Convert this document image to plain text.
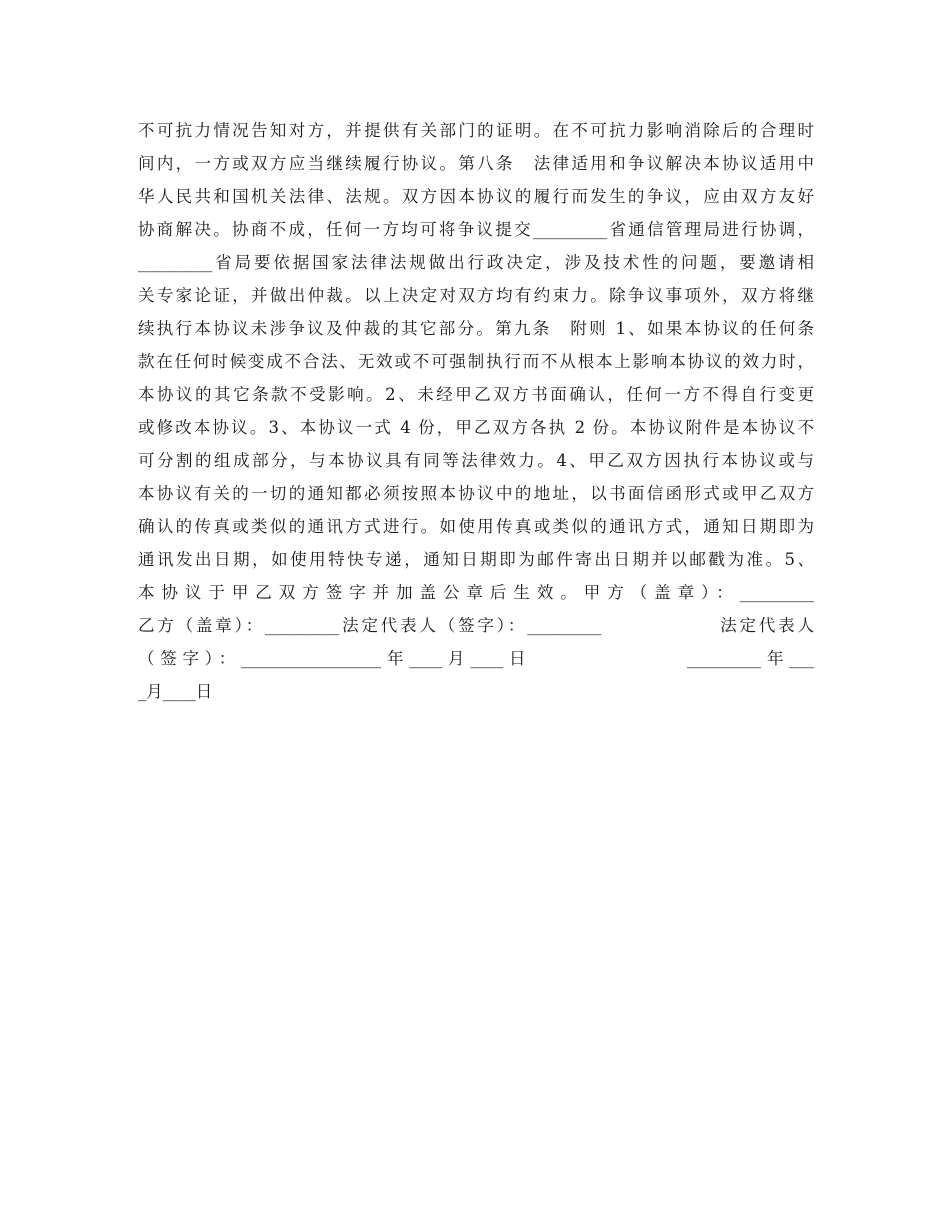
不可抗力情况告知对方，并提供有关部门的证明。在不可抗力影响消除后的合理时
间内，一方或双方应当继续履行协议。第八条　法律适用和争议解决本协议适用中
华人民共和国机关法律、法规。双方因本协议的履行而发生的争议，应由双方友好
协商解决。协商不成，任何一方均可将争议提交_________省通信管理局进行协调，
_________省局要依据国家法律法规做出行政决定，涉及技术性的问题，要邀请相
关专家论证，并做出仲裁。以上决定对双方均有约束力。除争议事项外，双方将继
续执行本协议未涉争议及仲裁的其它部分。第九条　附则 1、如果本协议的任何条
款在任何时候变成不合法、无效或不可强制执行而不从根本上影响本协议的效力时，
本协议的其它条款不受影响。2、未经甲乙双方书面确认，任何一方不得自行变更
或修改本协议。3、本协议一式 4 份，甲乙双方各执 2 份。本协议附件是本协议不
可分割的组成部分，与本协议具有同等法律效力。4、甲乙双方因执行本协议或与
本协议有关的一切的通知都必须按照本协议中的地址，以书面信函形式或甲乙双方
确认的传真或类似的通讯方式进行。如使用传真或类似的通讯方式，通知日期即为
通讯发出日期，如使用特快专递，通知日期即为邮件寄出日期并以邮戳为准。5、
本协议于甲乙双方签字并加盖公章后生效。甲方（盖章）：_________
乙方（盖章）：_________法定代表人（签字）：_________　　　　　　法定代表人
（签字）：_________________年____月____日　　　　　　　_________年___
_月____日
